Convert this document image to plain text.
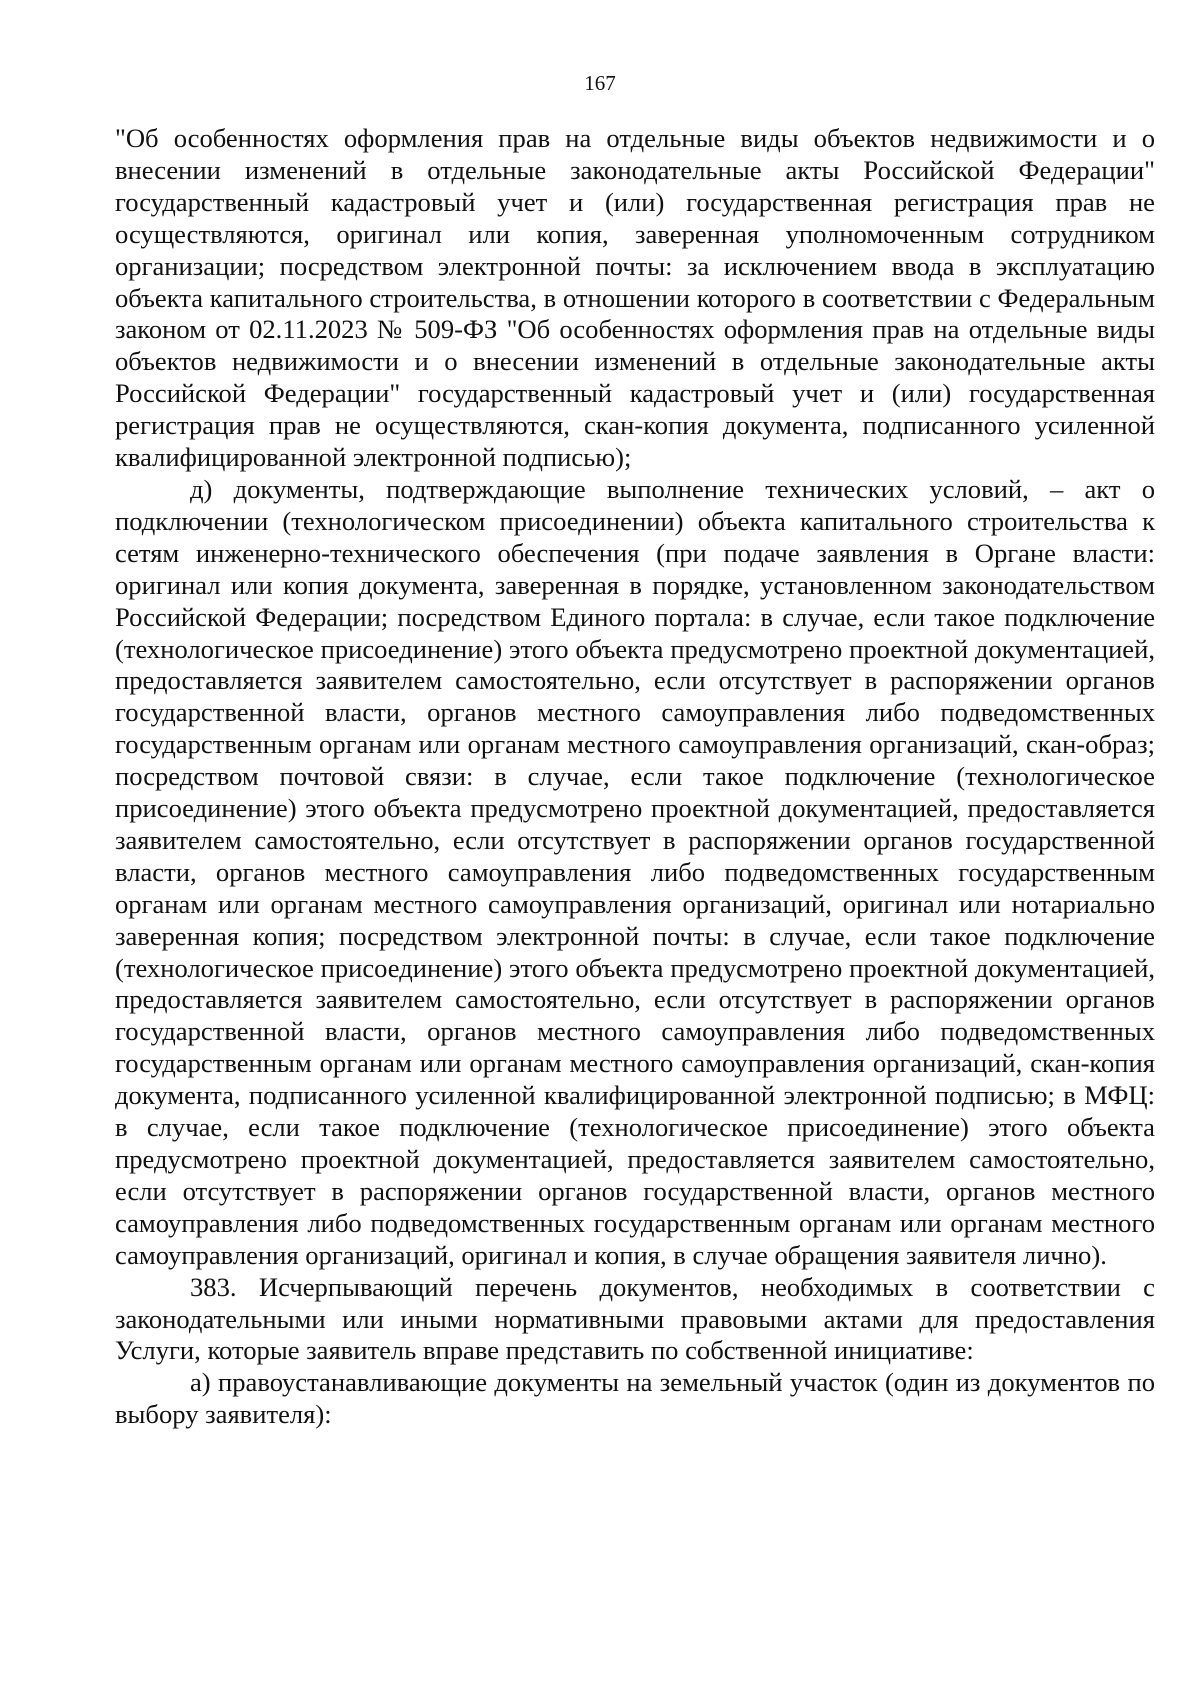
167

"Об особенностях оформления прав на отдельные виды объектов недвижимости и о внесении изменений в отдельные законодательные акты Российской Федерации" государственный кадастровый учет и (или) государственная регистрация прав не осуществляются, оригинал или копия, заверенная уполномоченным сотрудником организации; посредством электронной почты: за исключением ввода в эксплуатацию объекта капитального строительства, в отношении которого в соответствии с Федеральным законом от 02.11.2023 № 509-ФЗ "Об особенностях оформления прав на отдельные виды объектов недвижимости и о внесении изменений в отдельные законодательные акты Российской Федерации" государственный кадастровый учет и (или) государственная регистрация прав не осуществляются, скан-копия документа, подписанного усиленной квалифицированной электронной подписью);

д) документы, подтверждающие выполнение технических условий, – акт о подключении (технологическом присоединении) объекта капитального строительства к сетям инженерно-технического обеспечения (при подаче заявления в Органе власти: оригинал или копия документа, заверенная в порядке, установленном законодательством Российской Федерации; посредством Единого портала: в случае, если такое подключение (технологическое присоединение) этого объекта предусмотрено проектной документацией, предоставляется заявителем самостоятельно, если отсутствует в распоряжении органов государственной власти, органов местного самоуправления либо подведомственных государственным органам или органам местного самоуправления организаций, скан-образ; посредством почтовой связи: в случае, если такое подключение (технологическое присоединение) этого объекта предусмотрено проектной документацией, предоставляется заявителем самостоятельно, если отсутствует в распоряжении органов государственной власти, органов местного самоуправления либо подведомственных государственным органам или органам местного самоуправления организаций, оригинал или нотариально заверенная копия; посредством электронной почты: в случае, если такое подключение (технологическое присоединение) этого объекта предусмотрено проектной документацией, предоставляется заявителем самостоятельно, если отсутствует в распоряжении органов государственной власти, органов местного самоуправления либо подведомственных государственным органам или органам местного самоуправления организаций, скан-копия документа, подписанного усиленной квалифицированной электронной подписью; в МФЦ: в случае, если такое подключение (технологическое присоединение) этого объекта предусмотрено проектной документацией, предоставляется заявителем самостоятельно, если отсутствует в распоряжении органов государственной власти, органов местного самоуправления либо подведомственных государственным органам или органам местного самоуправления организаций, оригинал и копия, в случае обращения заявителя лично).

383. Исчерпывающий перечень документов, необходимых в соответствии с законодательными или иными нормативными правовыми актами для предоставления Услуги, которые заявитель вправе представить по собственной инициативе:

а) правоустанавливающие документы на земельный участок (один из документов по выбору заявителя):
